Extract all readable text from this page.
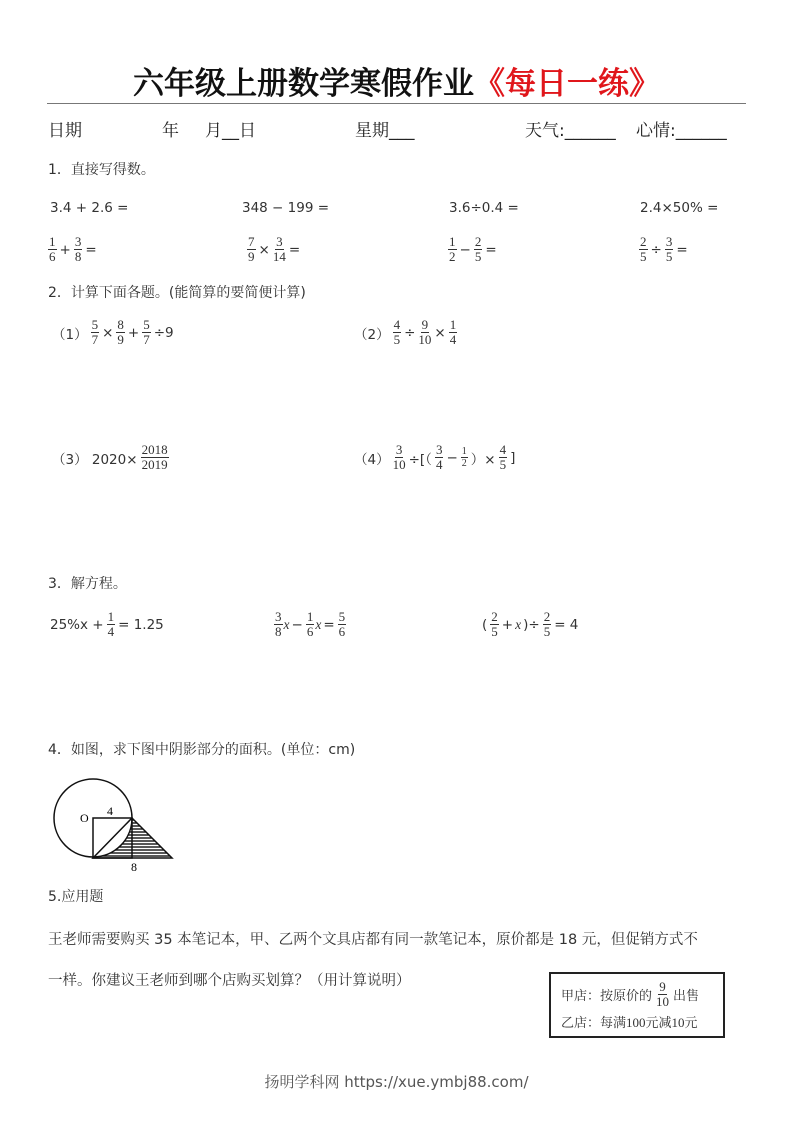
六年级上册数学寒假作业《每日一练》
日期	年 月__日	星期___	天气:______ 心情:______
1．直接写得数。
3.4 + 2.6 =	348 − 199 =	3.6÷0.4 =	2.4×50% =
$\frac{1}{6} + \frac{3}{8}$ =	$\frac{7}{9} \times \frac{3}{14}$ =	$\frac{1}{2} - \frac{2}{5}$ =	$\frac{2}{5} \div \frac{3}{5}$ =
2．计算下面各题。(能简算的要简便计算)
$(1) \frac{5}{7} \times \frac{8}{9} + \frac{5}{7} \div 9$	$(2) \frac{4}{5} \div \frac{9}{10} \times \frac{1}{4}$
（3） $2020\times \frac{2018}{2019}$	$(4) \frac{3}{10}$ ÷[（ $\frac{3}{4} - \frac{1}{2}$ ）× $\frac{4}{5}$ ]
3．解方程。
$25\%x + \frac{1}{4} = 1.25$	$\frac{3}{8}$ $x - \frac{1}{6}$ $x = \frac{5}{6}$	( $\frac{2}{5} + x$ )÷ $\frac{2}{5} = 4$
4．如图，求下图中阴影部分的面积。(单位：cm)
O 4
8
5.应用题
王老师需要购买 35 本笔记本，甲、乙两个文具店都有同一款笔记本，原价都是 18 元，但促销方式不
一样。你建议王老师到哪个店购买划算？（用计算说明）
甲店：按原价的 $\frac{9}{10}$ 出售
乙店：每满100元减10元
扬明学科网 https://xue.ymbj88.com/
